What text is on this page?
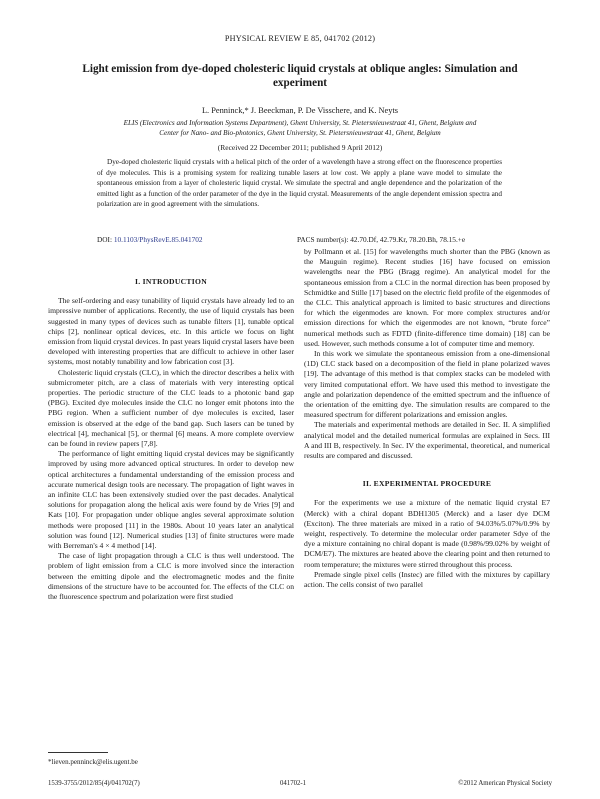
PHYSICAL REVIEW E 85, 041702 (2012)
Light emission from dye-doped cholesteric liquid crystals at oblique angles: Simulation and experiment
L. Penninck,* J. Beeckman, P. De Visschere, and K. Neyts
ELIS (Electronics and Information Systems Department), Ghent University, St. Pietersnieuwstraat 41, Ghent, Belgium and
Center for Nano- and Bio-photonics, Ghent University, St. Pietersnieuwstraat 41, Ghent, Belgium
(Received 22 December 2011; published 9 April 2012)
Dye-doped cholesteric liquid crystals with a helical pitch of the order of a wavelength have a strong effect on the fluorescence properties of dye molecules. This is a promising system for realizing tunable lasers at low cost. We apply a plane wave model to simulate the spontaneous emission from a layer of cholesteric liquid crystal. We simulate the spectral and angle dependence and the polarization of the emitted light as a function of the order parameter of the dye in the liquid crystal. Measurements of the angle dependent emission spectra and polarization are in good agreement with the simulations.
DOI: 10.1103/PhysRevE.85.041702	PACS number(s): 42.70.Df, 42.79.Kr, 78.20.Bh, 78.15.+e
I. INTRODUCTION

The self-ordering and easy tunability of liquid crystals have already led to an impressive number of applications. Recently, the use of liquid crystals has been suggested in many types of devices such as tunable filters [1], tunable optical chips [2], nonlinear optical devices, etc. In this article we focus on light emission from liquid crystal devices. In past years liquid crystal lasers have been developed with interesting properties that are difficult to achieve in other laser systems, most notably tunability and low fabrication cost [3].

Cholesteric liquid crystals (CLC), in which the director describes a helix with submicrometer pitch, are a class of materials with very interesting optical properties. The periodic structure of the CLC leads to a photonic band gap (PBG). Excited dye molecules inside the CLC no longer emit photons into the PBG region. When a sufficient number of dye molecules is excited, laser emission is observed at the edge of the band gap. Such lasers can be tuned by electrical [4], mechanical [5], or thermal [6] means. A more complete overview can be found in review papers [7,8].

The performance of light emitting liquid crystal devices may be significantly improved by using more advanced optical structures. In order to develop new optical architectures a fundamental understanding of the emission process and accurate numerical design tools are necessary. The propagation of light waves in an infinite CLC has been extensively studied over the past decades. Analytical solutions for propagation along the helical axis were found by de Vries [9] and Kats [10]. For propagation under oblique angles several approximate solution methods were proposed [11] in the 1980s. About 10 years later an analytical solution was found [12]. Numerical studies [13] of finite structures were made with Berreman's 4 × 4 method [14].

The case of light propagation through a CLC is thus well understood. The problem of light emission from a CLC is more involved since the interaction between the emitting dipole and the electromagnetic modes and the finite dimensions of the structure have to be accounted for. The effects of the CLC on the fluorescence spectrum and polarization were first studied

by Pollmann et al. [15] for wavelengths much shorter than the PBG (known as the Mauguin regime). Recent studies [16] have focused on emission wavelengths near the PBG (Bragg regime). An analytical model for the spontaneous emission from a CLC in the normal direction has been proposed by Schmidtke and Stille [17] based on the electric field profile of the eigenmodes of the CLC. This analytical approach is limited to basic structures and directions for which the eigenmodes are known. For more complex structures and/or emission directions for which the eigenmodes are not known, “brute force” numerical methods such as FDTD (finite-difference time domain) [18] can be used. However, such methods consume a lot of computer time and memory.

In this work we simulate the spontaneous emission from a one-dimensional (1D) CLC stack based on a decomposition of the field in plane polarized waves [19]. The advantage of this method is that complex stacks can be modeled with very limited computational effort. We have used this method to investigate the angle and polarization dependence of the emitted spectrum and the influence of the orientation of the emitting dye. The simulation results are compared to the measured spectrum for different polarizations and emission angles.

The materials and experimental methods are detailed in Sec. II. A simplified analytical model and the detailed numerical formulas are explained in Secs. III A and III B, respectively. In Sec. IV the experimental, theoretical, and numerical results are compared and discussed.

II. EXPERIMENTAL PROCEDURE

For the experiments we use a mixture of the nematic liquid crystal E7 (Merck) with a chiral dopant BDH1305 (Merck) and a laser dye DCM (Exciton). The three materials are mixed in a ratio of 94.03%/5.07%/0.9% by weight, respectively. To determine the molecular order parameter Sdye of the dye a mixture containing no chiral dopant is made (0.98%/99.02% by weight of DCM/E7). The mixtures are heated above the clearing point and then returned to room temperature; the mixtures were stirred throughout this process.

Premade single pixel cells (Instec) are filled with the mixtures by capillary action. The cells consist of two parallel

*lieven.penninck@elis.ugent.be
1539-3755/2012/85(4)/041702(7)	041702-1	©2012 American Physical Society
